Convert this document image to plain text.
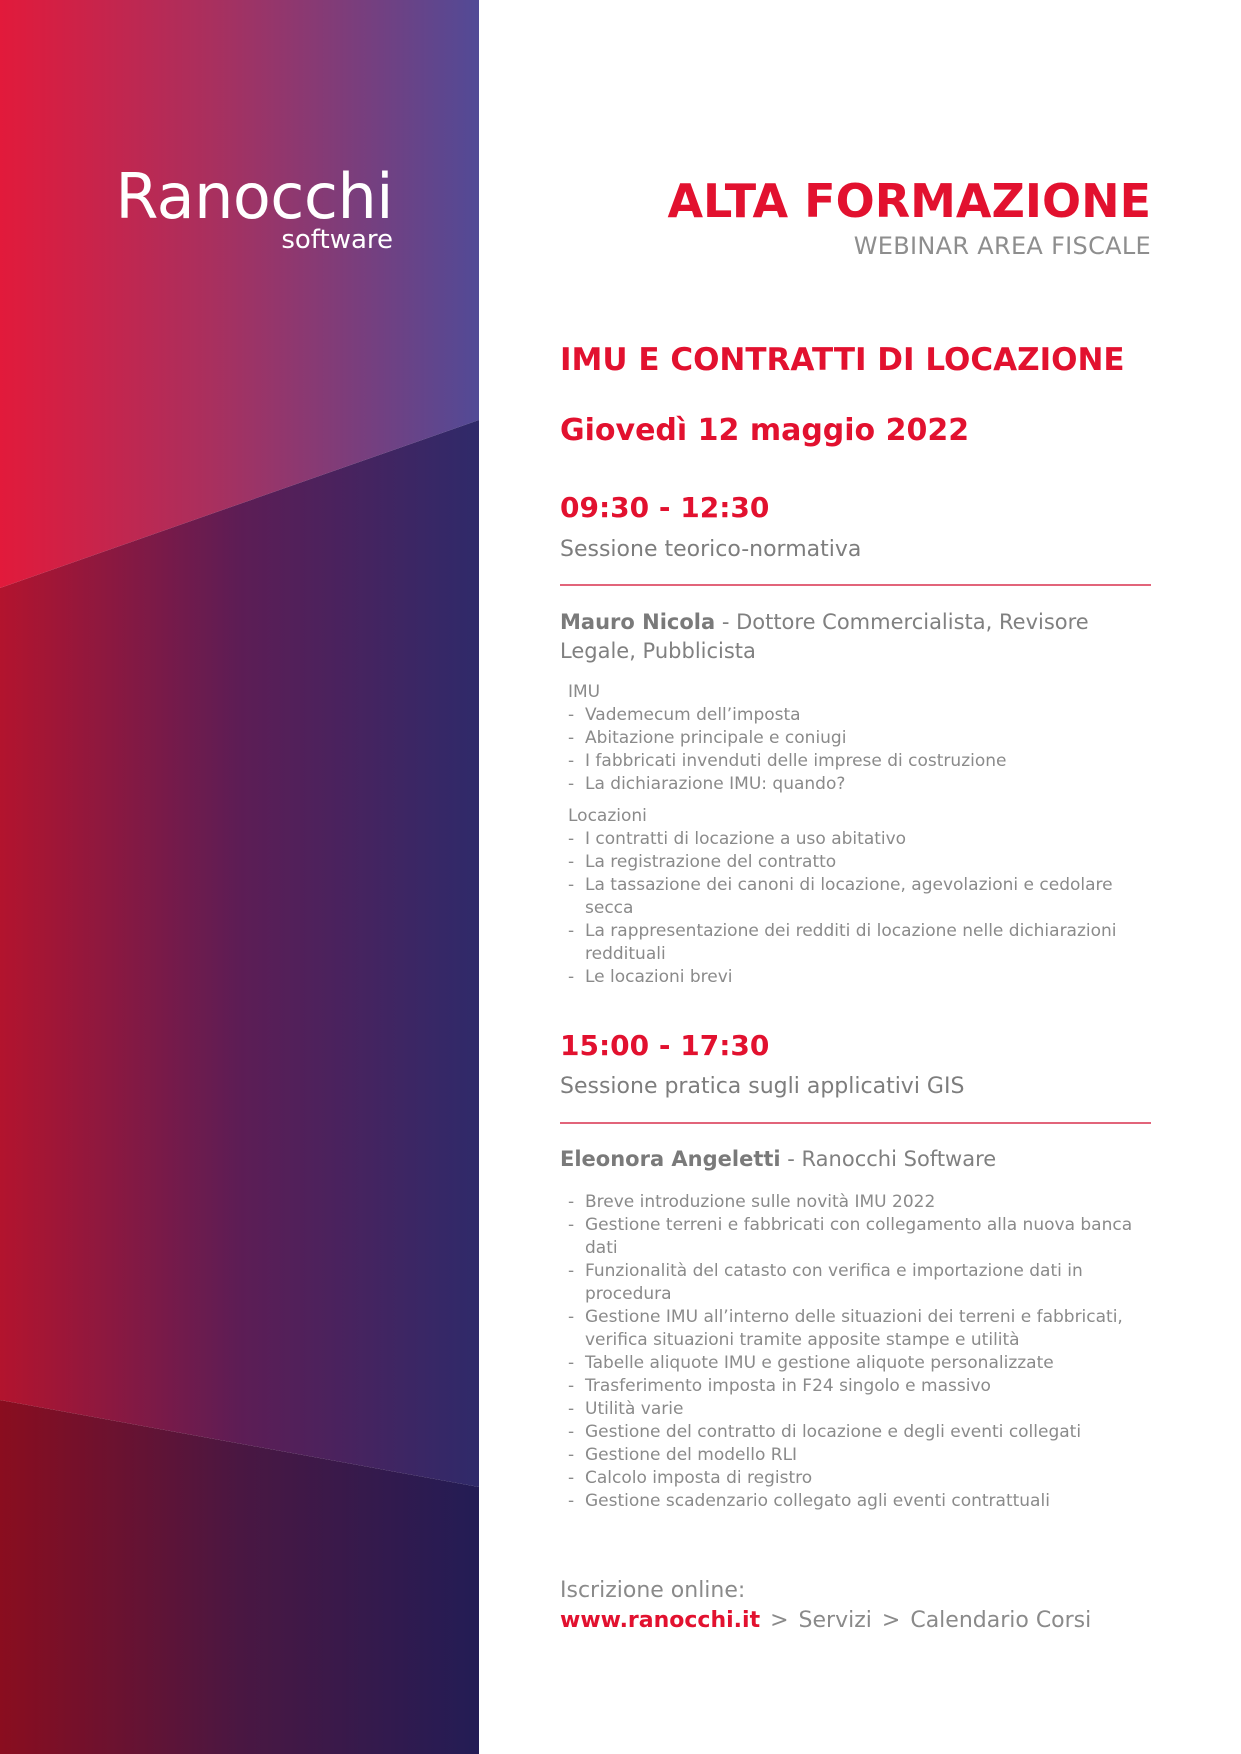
Ranocchi
software
ALTA FORMAZIONE
WEBINAR AREA FISCALE
IMU E CONTRATTI DI LOCAZIONE
Giovedì 12 maggio 2022
09:30 - 12:30
Sessione teorico-normativa
Mauro Nicola - Dottore Commercialista, Revisore Legale, Pubblicista
IMU
- Vademecum dell’imposta
- Abitazione principale e coniugi
- I fabbricati invenduti delle imprese di costruzione
- La dichiarazione IMU: quando?
Locazioni
- I contratti di locazione a uso abitativo
- La registrazione del contratto
- La tassazione dei canoni di locazione, agevolazioni e cedolare secca
- La rappresentazione dei redditi di locazione nelle dichiarazioni reddituali
- Le locazioni brevi
15:00 - 17:30
Sessione pratica sugli applicativi GIS
Eleonora Angeletti - Ranocchi Software
- Breve introduzione sulle novità IMU 2022
- Gestione terreni e fabbricati con collegamento alla nuova banca dati
- Funzionalità del catasto con verifica e importazione dati in procedura
- Gestione IMU all’interno delle situazioni dei terreni e fabbricati, verifica situazioni tramite apposite stampe e utilità
- Tabelle aliquote IMU e gestione aliquote personalizzate
- Trasferimento imposta in F24 singolo e massivo
- Utilità varie
- Gestione del contratto di locazione e degli eventi collegati
- Gestione del modello RLI
- Calcolo imposta di registro
- Gestione scadenzario collegato agli eventi contrattuali
Iscrizione online:
www.ranocchi.it > Servizi > Calendario Corsi
